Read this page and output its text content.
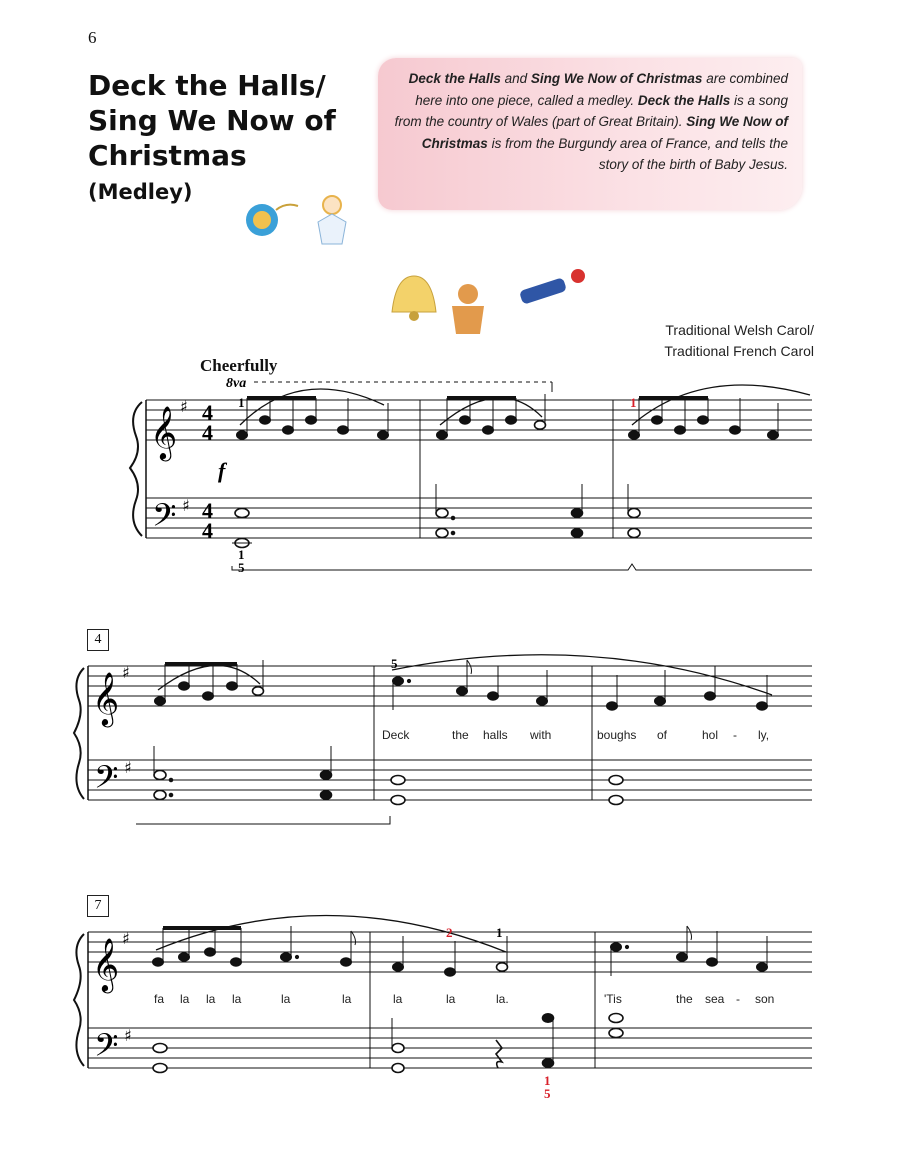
6
Deck the Halls/
Sing We Now of
Christmas
(Medley)

Deck the Halls and Sing We Now of Christmas are combined here into one piece, called a medley. Deck the Halls is a song from the country of Wales (part of Great Britain). Sing We Now of Christmas is from the Burgundy area of France, and tells the story of the birth of Baby Jesus.

Traditional Welsh Carol/
Traditional French Carol
Cheerfully
4
7
𝄞
𝄢
♯
♯
4
4
4
4
f
8va
1	1
1
5
𝄞
𝄢
♯
♯
5
Deck	the halls with	boughs of	hol - ly,
𝄞
𝄢
♯
♯
2	1
fa la la la	la	la	la	la	la.	'Tis	the sea - son
1
5
